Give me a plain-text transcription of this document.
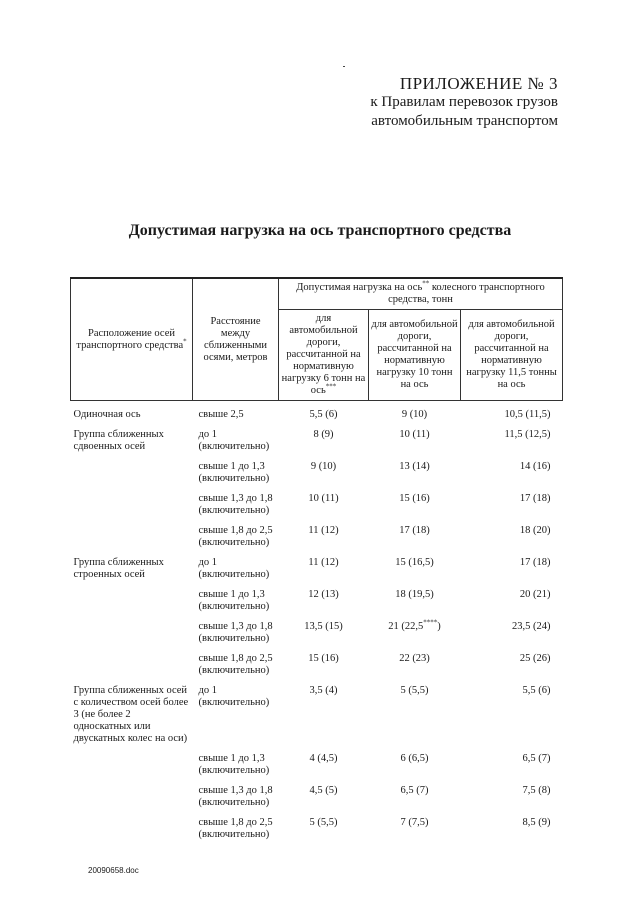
ПРИЛОЖЕНИЕ № 3
к Правилам перевозок грузов
автомобильным транспортом
Допустимая нагрузка на ось транспортного средства
Расположение осей транспортного средства*	Расстояние между сближенными осями, метров	Допустимая нагрузка на ось** колесного транспортного средства, тонн		
		для автомобильной дороги, рассчитанной на нормативную нагрузку 6 тонн на ось***	для автомобильной дороги, рассчитанной на нормативную нагрузку 10 тонн на ось	для автомобильной дороги, рассчитанной на нормативную нагрузку 11,5 тонны на ось
Одиночная ось	свыше 2,5	5,5 (6)	9 (10)	10,5 (11,5)
Группа сближенных сдвоенных осей	до 1 (включительно)	8 (9)	10 (11)	11,5 (12,5)
	свыше 1 до 1,3 (включительно)	9 (10)	13 (14)	14 (16)
	свыше 1,3 до 1,8 (включительно)	10 (11)	15 (16)	17 (18)
	свыше 1,8 до 2,5 (включительно)	11 (12)	17 (18)	18 (20)
Группа сближенных строенных осей	до 1 (включительно)	11 (12)	15 (16,5)	17 (18)
	свыше 1 до 1,3 (включительно)	12 (13)	18 (19,5)	20 (21)
	свыше 1,3 до 1,8 (включительно)	13,5 (15)	21 (22,5****)	23,5 (24)
	свыше 1,8 до 2,5 (включительно)	15 (16)	22 (23)	25 (26)
Группа сближенных осей с количеством осей более 3 (не более 2 односкатных или двускатных колес на оси)	до 1 (включительно)	3,5 (4)	5 (5,5)	5,5 (6)
	свыше 1 до 1,3 (включительно)	4 (4,5)	6 (6,5)	6,5 (7)
	свыше 1,3 до 1,8 (включительно)	4,5 (5)	6,5 (7)	7,5 (8)
	свыше 1,8 до 2,5 (включительно)	5 (5,5)	7 (7,5)	8,5 (9)
20090658.doc
